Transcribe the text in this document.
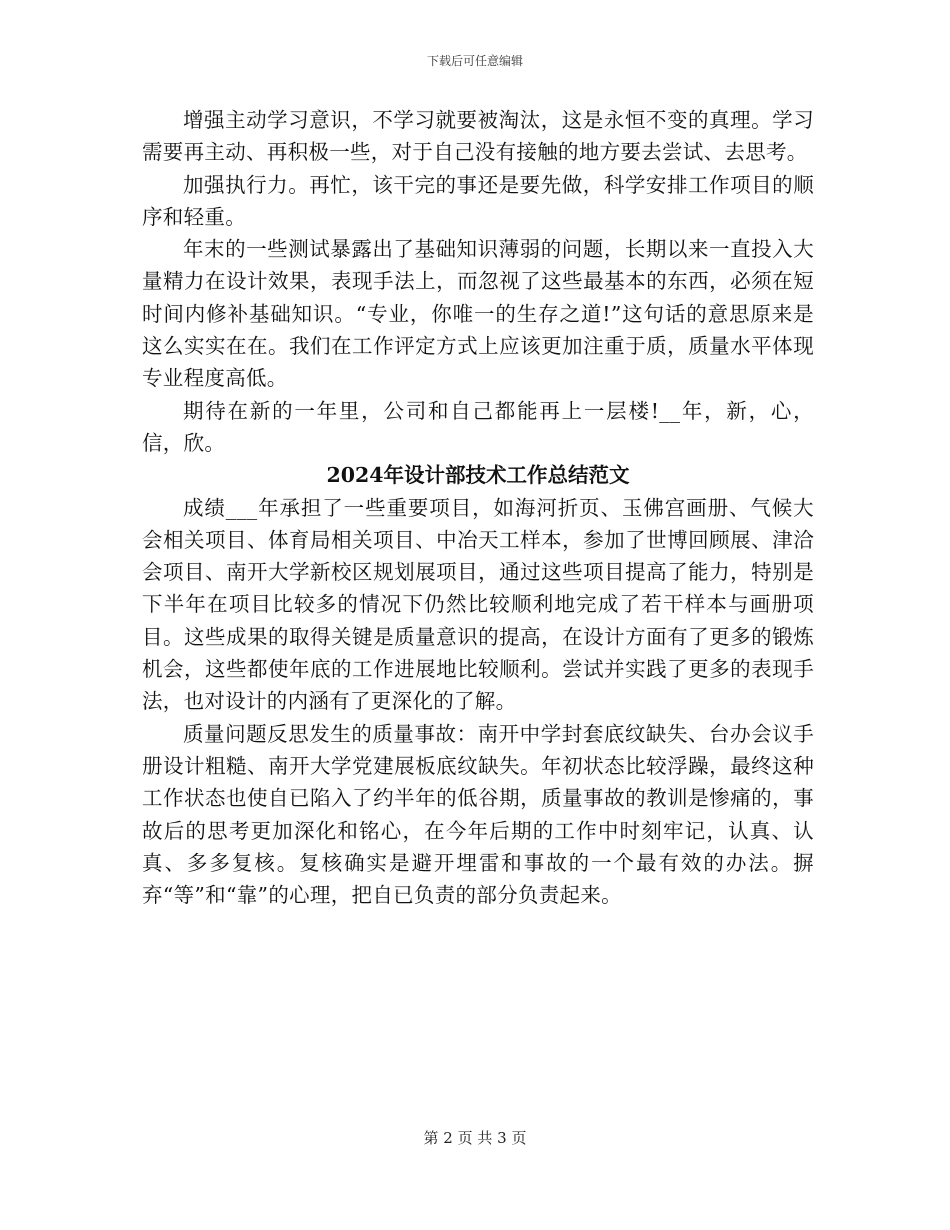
下载后可任意编辑

增强主动学习意识，不学习就要被淘汰，这是永恒不变的真理。学习需要再主动、再积极一些，对于自己没有接触的地方要去尝试、去思考。

加强执行力。再忙，该干完的事还是要先做，科学安排工作项目的顺序和轻重。

年末的一些测试暴露出了基础知识薄弱的问题，长期以来一直投入大量精力在设计效果，表现手法上，而忽视了这些最基本的东西，必须在短时间内修补基础知识。“专业，你唯一的生存之道!”这句话的意思原来是这么实实在在。我们在工作评定方式上应该更加注重于质，质量水平体现专业程度高低。

期待在新的一年里，公司和自己都能再上一层楼!__年，新，心，信，欣。

2024年设计部技术工作总结范文

成绩___年承担了一些重要项目，如海河折页、玉佛宫画册、气候大会相关项目、体育局相关项目、中冶天工样本，参加了世博回顾展、津洽会项目、南开大学新校区规划展项目，通过这些项目提高了能力，特别是下半年在项目比较多的情况下仍然比较顺利地完成了若干样本与画册项目。这些成果的取得关键是质量意识的提高，在设计方面有了更多的锻炼机会，这些都使年底的工作进展地比较顺利。尝试并实践了更多的表现手法，也对设计的内涵有了更深化的了解。

质量问题反思发生的质量事故：南开中学封套底纹缺失、台办会议手册设计粗糙、南开大学党建展板底纹缺失。年初状态比较浮躁，最终这种工作状态也使自已陷入了约半年的低谷期，质量事故的教训是惨痛的，事故后的思考更加深化和铭心，在今年后期的工作中时刻牢记，认真、认真、多多复核。复核确实是避开埋雷和事故的一个最有效的办法。摒弃“等”和“靠”的心理，把自已负责的部分负责起来。

第 2 页 共 3 页
